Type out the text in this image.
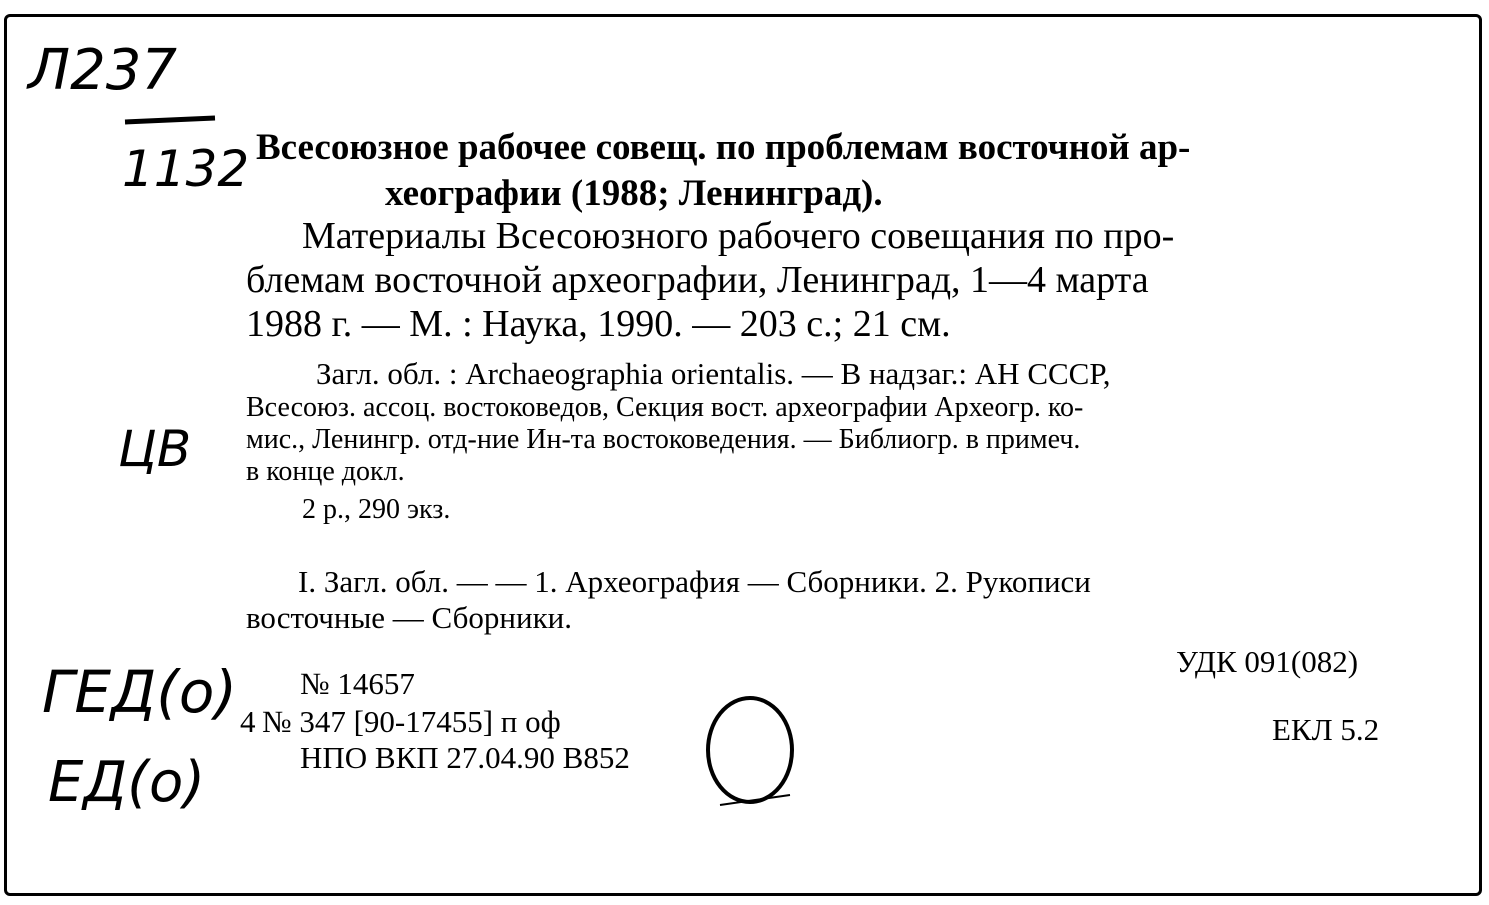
Л237
1132
ЦВ
ГЕД(о)
ЕД(о)
Всесоюзное рабочее совещ. по проблемам восточной ар-
хеографии (1988; Ленинград).
Материалы Всесоюзного рабочего совещания по про-
блемам восточной археографии, Ленинград, 1—4 марта
1988 г. — М. : Наука, 1990. — 203 с.; 21 см.
Загл. обл. : Archaeographia orientalis. — В надзаг.: АН СССР,
Всесоюз. ассоц. востоковедов, Секция вост. археографии Археогр. ко-
мис., Ленингр. отд-ние Ин-та востоковедения. — Библиогр. в примеч.
в конце докл.
2 р., 290 экз.
I. Загл. обл. — — 1. Археография — Сборники. 2. Рукописи
восточные — Сборники.
УДК 091(082)
ЕКЛ 5.2
№ 14657
4 № 347 [90-17455] п оф
НПО ВКП 27.04.90 В852
